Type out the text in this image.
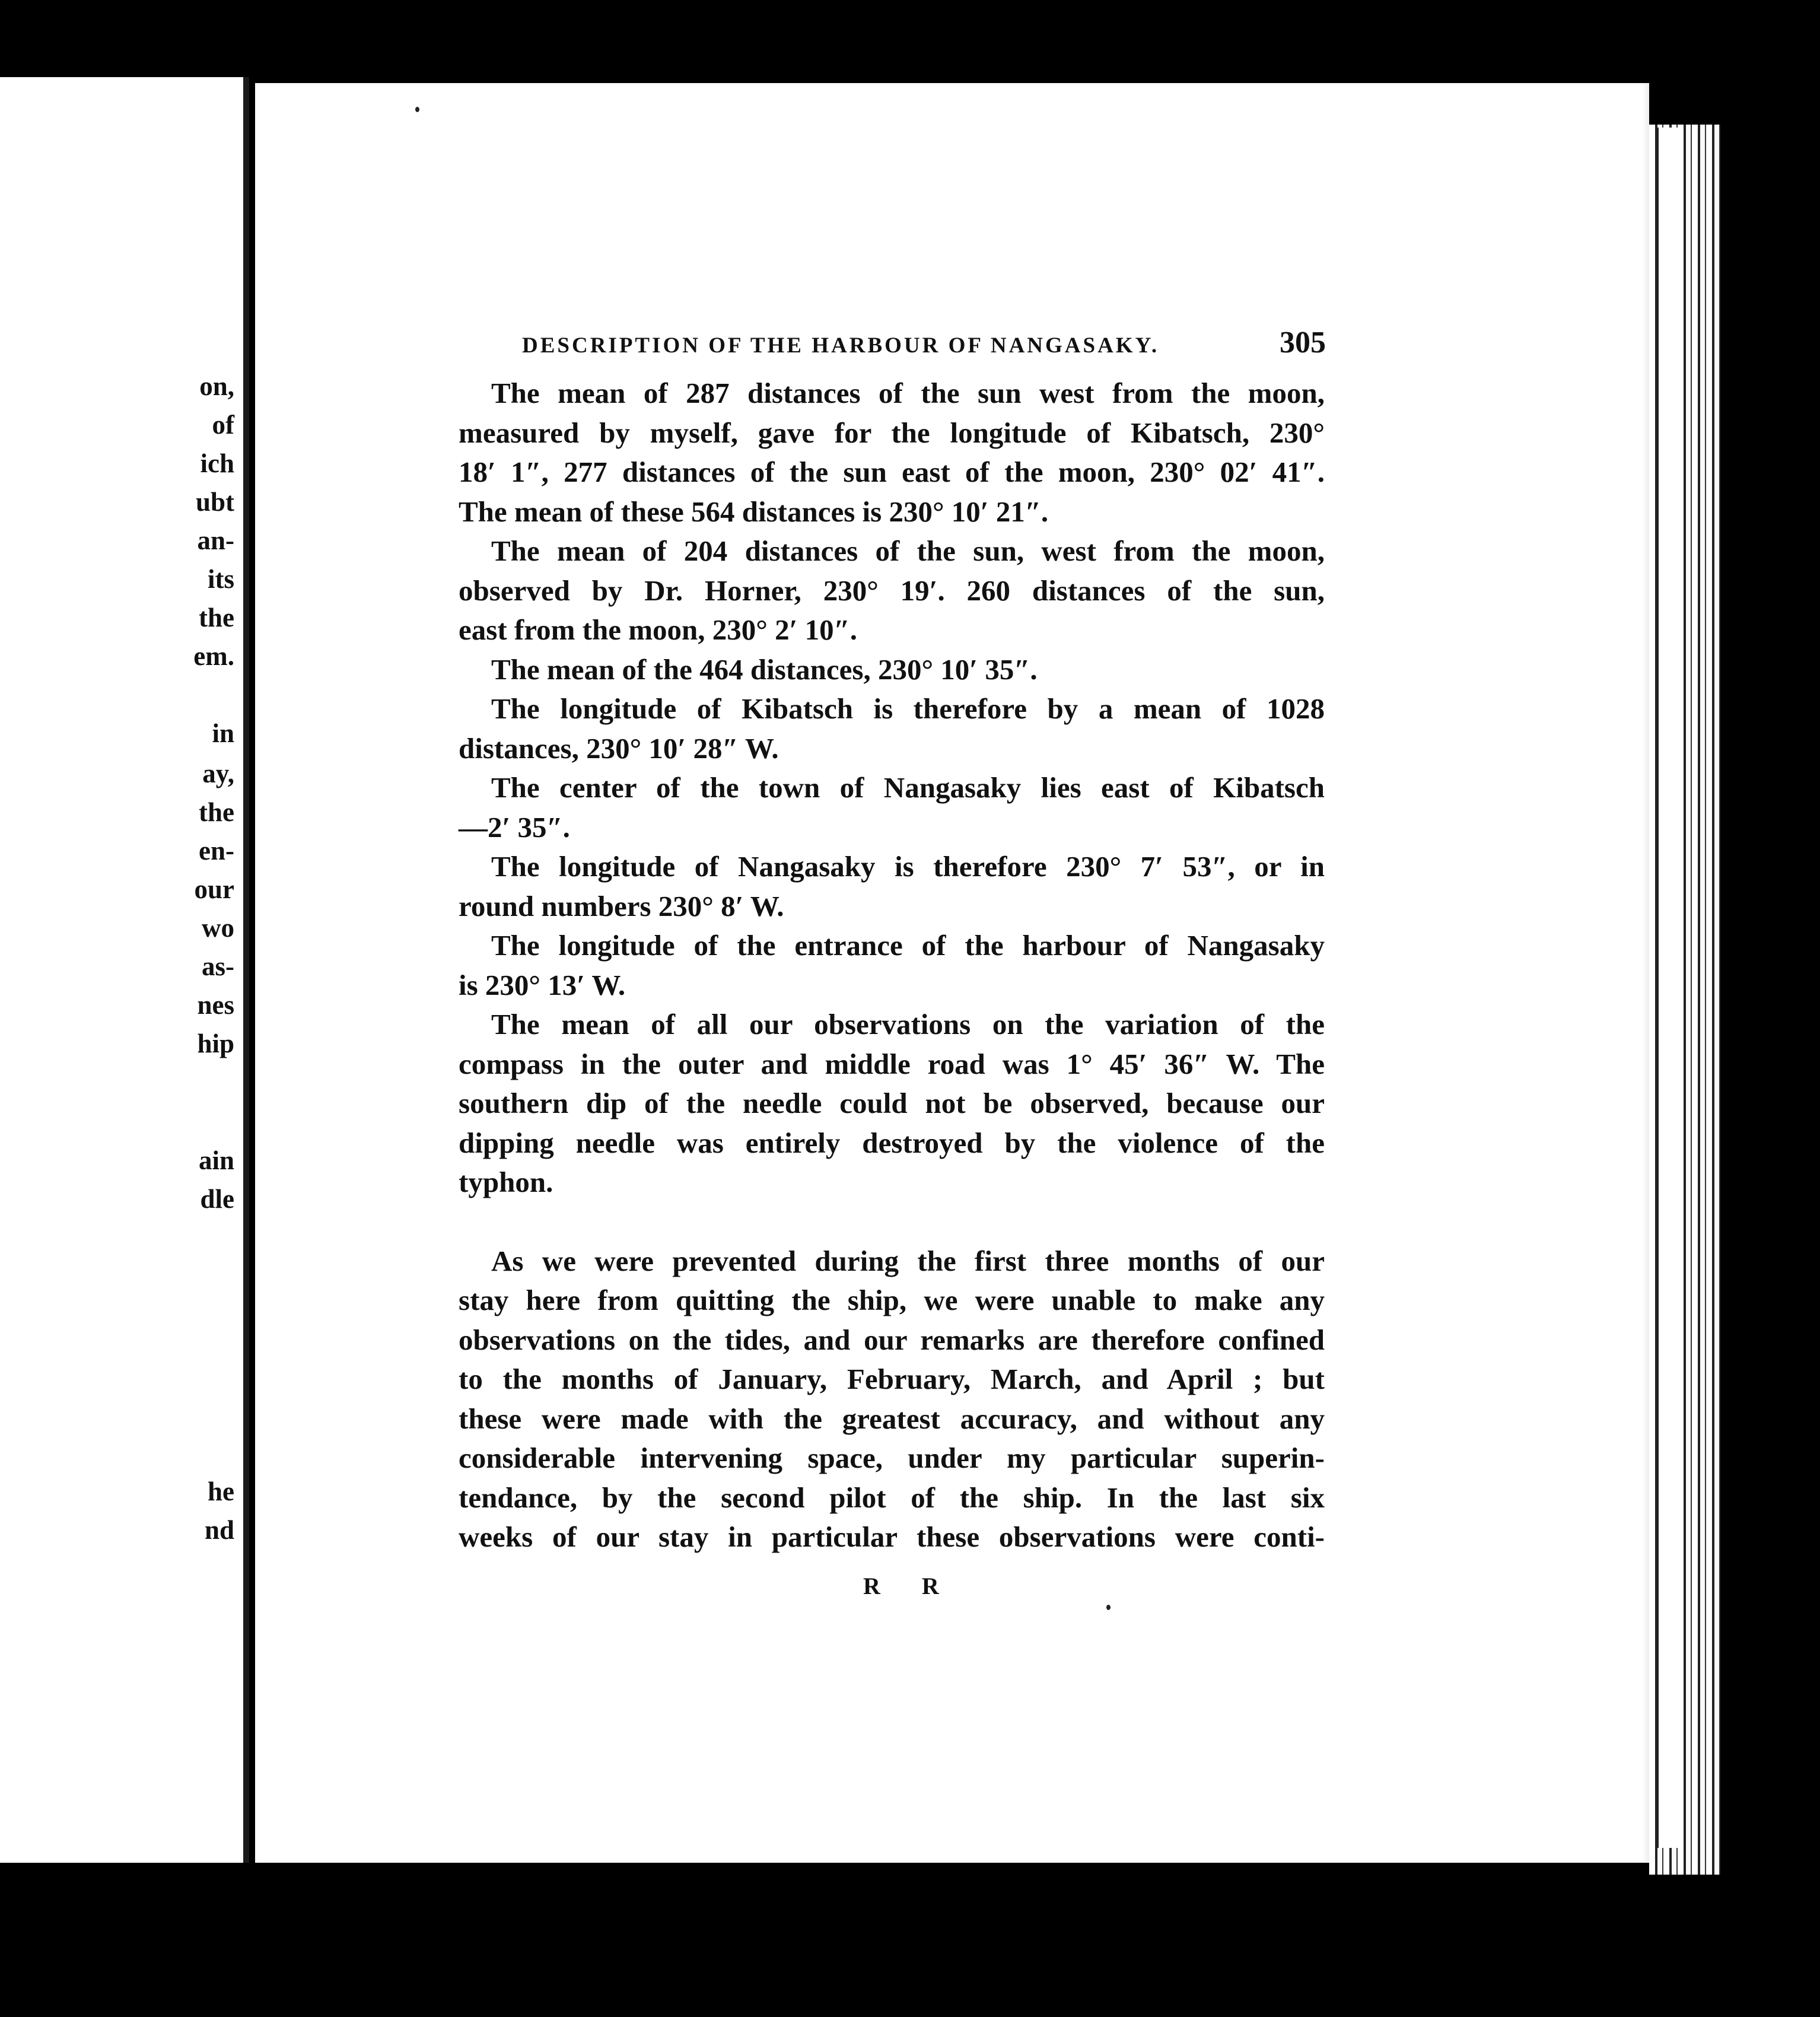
on,
of
ich
ubt
an-
its
the
em.
in
ay,
the
en-
our
wo
as-
nes
hip
ain
dle
he
nd
DESCRIPTION OF THE HARBOUR OF NANGASAKY.	305
The mean of 287 distances of the sun west from the moon,
measured by myself, gave for the longitude of Kibatsch, 230°
18′ 1″, 277 distances of the sun east of the moon, 230° 02′ 41″.
The mean of these 564 distances is 230° 10′ 21″.
The mean of 204 distances of the sun, west from the moon,
observed by Dr. Horner, 230° 19′. 260 distances of the sun,
east from the moon, 230° 2′ 10″.
The mean of the 464 distances, 230° 10′ 35″.
The longitude of Kibatsch is therefore by a mean of 1028
distances, 230° 10′ 28″ W.
The center of the town of Nangasaky lies east of Kibatsch
—2′ 35″.
The longitude of Nangasaky is therefore 230° 7′ 53″, or in
round numbers 230° 8′ W.
The longitude of the entrance of the harbour of Nangasaky
is 230° 13′ W.
The mean of all our observations on the variation of the
compass in the outer and middle road was 1° 45′ 36″ W. The
southern dip of the needle could not be observed, because our
dipping needle was entirely destroyed by the violence of the
typhon.
As we were prevented during the first three months of our
stay here from quitting the ship, we were unable to make any
observations on the tides, and our remarks are therefore confined
to the months of January, February, March, and April ; but
these were made with the greatest accuracy, and without any
considerable intervening space, under my particular superin-
tendance, by the second pilot of the ship. In the last six
weeks of our stay in particular these observations were conti-
R R
